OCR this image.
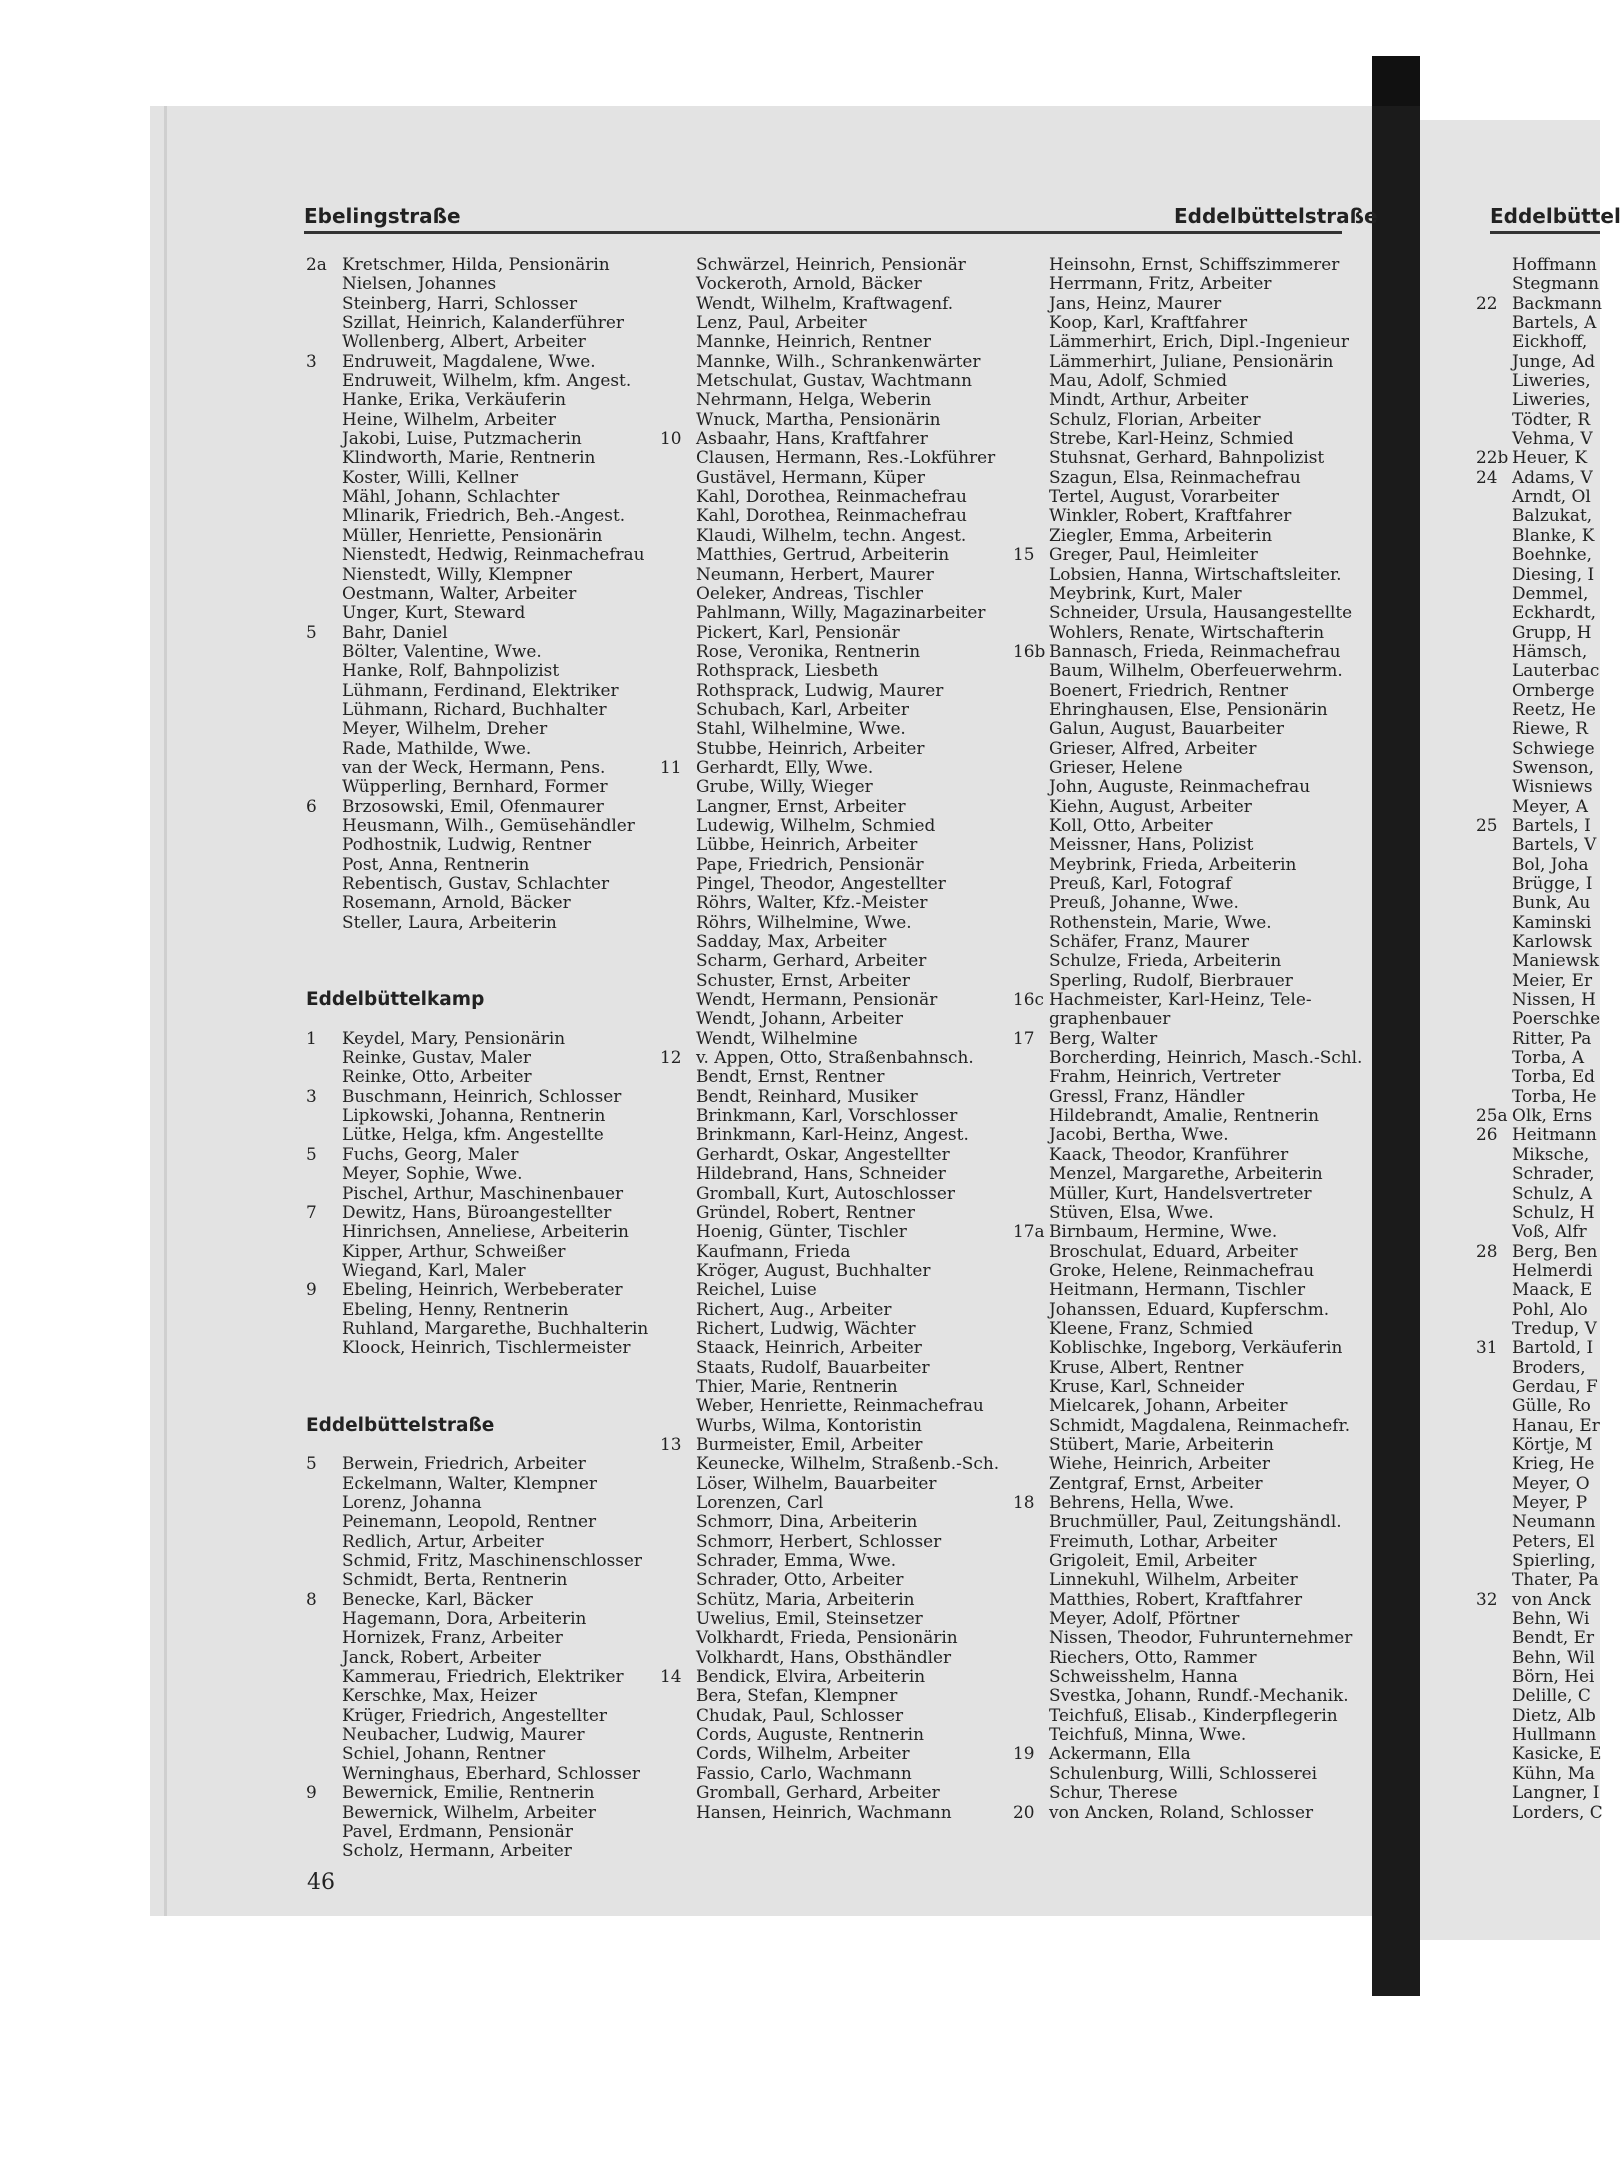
Ebelingstraße	Eddelbüttelstraße	Eddelbüttel
2a Kretschmer, Hilda, Pensionärin
Nielsen, Johannes
Steinberg, Harri, Schlosser
Szillat, Heinrich, Kalanderführer
Wollenberg, Albert, Arbeiter
3	Endruweit, Magdalene, Wwe.
Endruweit, Wilhelm, kfm. Angest.
Hanke, Erika, Verkäuferin
Heine, Wilhelm, Arbeiter
Jakobi, Luise, Putzmacherin
Klindworth, Marie, Rentnerin
Koster, Willi, Kellner
Mähl, Johann, Schlachter
Mlinarik, Friedrich, Beh.-Angest.
Müller, Henriette, Pensionärin
Nienstedt, Hedwig, Reinmachefrau
Nienstedt, Willy, Klempner
Oestmann, Walter, Arbeiter
Unger, Kurt, Steward
5	Bahr, Daniel
Bölter, Valentine, Wwe.
Hanke, Rolf, Bahnpolizist
Lühmann, Ferdinand, Elektriker
Lühmann, Richard, Buchhalter
Meyer, Wilhelm, Dreher
Rade, Mathilde, Wwe.
van der Weck, Hermann, Pens.
Wüpperling, Bernhard, Former
6	Brzosowski, Emil, Ofenmaurer
Heusmann, Wilh., Gemüsehändler
Podhostnik, Ludwig, Rentner
Post, Anna, Rentnerin
Rebentisch, Gustav, Schlachter
Rosemann, Arnold, Bäcker
Steller, Laura, Arbeiterin
Eddelbüttelkamp
1	Keydel, Mary, Pensionärin
Reinke, Gustav, Maler
Reinke, Otto, Arbeiter
3	Buschmann, Heinrich, Schlosser
Lipkowski, Johanna, Rentnerin
Lütke, Helga, kfm. Angestellte
5	Fuchs, Georg, Maler
Meyer, Sophie, Wwe.
Pischel, Arthur, Maschinenbauer
7	Dewitz, Hans, Büroangestellter
Hinrichsen, Anneliese, Arbeiterin
Kipper, Arthur, Schweißer
Wiegand, Karl, Maler
9	Ebeling, Heinrich, Werbeberater
Ebeling, Henny, Rentnerin
Ruhland, Margarethe, Buchhalterin
Kloock, Heinrich, Tischlermeister
Eddelbüttelstraße
5	Berwein, Friedrich, Arbeiter
Eckelmann, Walter, Klempner
Lorenz, Johanna
Peinemann, Leopold, Rentner
Redlich, Artur, Arbeiter
Schmid, Fritz, Maschinenschlosser
Schmidt, Berta, Rentnerin
8	Benecke, Karl, Bäcker
Hagemann, Dora, Arbeiterin
Hornizek, Franz, Arbeiter
Janck, Robert, Arbeiter
Kammerau, Friedrich, Elektriker
Kerschke, Max, Heizer
Krüger, Friedrich, Angestellter
Neubacher, Ludwig, Maurer
Schiel, Johann, Rentner
Werninghaus, Eberhard, Schlosser
9	Bewernick, Emilie, Rentnerin
Bewernick, Wilhelm, Arbeiter
Pavel, Erdmann, Pensionär
Scholz, Hermann, Arbeiter
Schwärzel, Heinrich, Pensionär
Vockeroth, Arnold, Bäcker
Wendt, Wilhelm, Kraftwagenf.
Lenz, Paul, Arbeiter
Mannke, Heinrich, Rentner
Mannke, Wilh., Schrankenwärter
Metschulat, Gustav, Wachtmann
Nehrmann, Helga, Weberin
Wnuck, Martha, Pensionärin
10 Asbaahr, Hans, Kraftfahrer
Clausen, Hermann, Res.-Lokführer
Gustävel, Hermann, Küper
Kahl, Dorothea, Reinmachefrau
Kahl, Dorothea, Reinmachefrau
Klaudi, Wilhelm, techn. Angest.
Matthies, Gertrud, Arbeiterin
Neumann, Herbert, Maurer
Oeleker, Andreas, Tischler
Pahlmann, Willy, Magazinarbeiter
Pickert, Karl, Pensionär
Rose, Veronika, Rentnerin
Rothsprack, Liesbeth
Rothsprack, Ludwig, Maurer
Schubach, Karl, Arbeiter
Stahl, Wilhelmine, Wwe.
Stubbe, Heinrich, Arbeiter
11 Gerhardt, Elly, Wwe.
Grube, Willy, Wieger
Langner, Ernst, Arbeiter
Ludewig, Wilhelm, Schmied
Lübbe, Heinrich, Arbeiter
Pape, Friedrich, Pensionär
Pingel, Theodor, Angestellter
Röhrs, Walter, Kfz.-Meister
Röhrs, Wilhelmine, Wwe.
Sadday, Max, Arbeiter
Scharm, Gerhard, Arbeiter
Schuster, Ernst, Arbeiter
Wendt, Hermann, Pensionär
Wendt, Johann, Arbeiter
Wendt, Wilhelmine
12 v. Appen, Otto, Straßenbahnsch.
Bendt, Ernst, Rentner
Bendt, Reinhard, Musiker
Brinkmann, Karl, Vorschlosser
Brinkmann, Karl-Heinz, Angest.
Gerhardt, Oskar, Angestellter
Hildebrand, Hans, Schneider
Gromball, Kurt, Autoschlosser
Gründel, Robert, Rentner
Hoenig, Günter, Tischler
Kaufmann, Frieda
Kröger, August, Buchhalter
Reichel, Luise
Richert, Aug., Arbeiter
Richert, Ludwig, Wächter
Staack, Heinrich, Arbeiter
Staats, Rudolf, Bauarbeiter
Thier, Marie, Rentnerin
Weber, Henriette, Reinmachefrau
Wurbs, Wilma, Kontoristin
13 Burmeister, Emil, Arbeiter
Keunecke, Wilhelm, Straßenb.-Sch.
Löser, Wilhelm, Bauarbeiter
Lorenzen, Carl
Schmorr, Dina, Arbeiterin
Schmorr, Herbert, Schlosser
Schrader, Emma, Wwe.
Schrader, Otto, Arbeiter
Schütz, Maria, Arbeiterin
Uwelius, Emil, Steinsetzer
Volkhardt, Frieda, Pensionärin
Volkhardt, Hans, Obsthändler
14 Bendick, Elvira, Arbeiterin
Bera, Stefan, Klempner
Chudak, Paul, Schlosser
Cords, Auguste, Rentnerin
Cords, Wilhelm, Arbeiter
Fassio, Carlo, Wachmann
Gromball, Gerhard, Arbeiter
Hansen, Heinrich, Wachmann
Heinsohn, Ernst, Schiffszimmerer
Herrmann, Fritz, Arbeiter
Jans, Heinz, Maurer
Koop, Karl, Kraftfahrer
Lämmerhirt, Erich, Dipl.-Ingenieur
Lämmerhirt, Juliane, Pensionärin
Mau, Adolf, Schmied
Mindt, Arthur, Arbeiter
Schulz, Florian, Arbeiter
Strebe, Karl-Heinz, Schmied
Stuhsnat, Gerhard, Bahnpolizist
Szagun, Elsa, Reinmachefrau
Tertel, August, Vorarbeiter
Winkler, Robert, Kraftfahrer
Ziegler, Emma, Arbeiterin
15 Greger, Paul, Heimleiter
Lobsien, Hanna, Wirtschaftsleiter.
Meybrink, Kurt, Maler
Schneider, Ursula, Hausangestellte
Wohlers, Renate, Wirtschafterin
16b Bannasch, Frieda, Reinmachefrau
Baum, Wilhelm, Oberfeuerwehrm.
Boenert, Friedrich, Rentner
Ehringhausen, Else, Pensionärin
Galun, August, Bauarbeiter
Grieser, Alfred, Arbeiter
Grieser, Helene
John, Auguste, Reinmachefrau
Kiehn, August, Arbeiter
Koll, Otto, Arbeiter
Meissner, Hans, Polizist
Meybrink, Frieda, Arbeiterin
Preuß, Karl, Fotograf
Preuß, Johanne, Wwe.
Rothenstein, Marie, Wwe.
Schäfer, Franz, Maurer
Schulze, Frieda, Arbeiterin
Sperling, Rudolf, Bierbrauer
16c Hachmeister, Karl-Heinz, Tele-
graphenbauer
17 Berg, Walter
Borcherding, Heinrich, Masch.-Schl.
Frahm, Heinrich, Vertreter
Gressl, Franz, Händler
Hildebrandt, Amalie, Rentnerin
Jacobi, Bertha, Wwe.
Kaack, Theodor, Kranführer
Menzel, Margarethe, Arbeiterin
Müller, Kurt, Handelsvertreter
Stüven, Elsa, Wwe.
17a Birnbaum, Hermine, Wwe.
Broschulat, Eduard, Arbeiter
Groke, Helene, Reinmachefrau
Heitmann, Hermann, Tischler
Johanssen, Eduard, Kupferschm.
Kleene, Franz, Schmied
Koblischke, Ingeborg, Verkäuferin
Kruse, Albert, Rentner
Kruse, Karl, Schneider
Mielcarek, Johann, Arbeiter
Schmidt, Magdalena, Reinmachefr.
Stübert, Marie, Arbeiterin
Wiehe, Heinrich, Arbeiter
Zentgraf, Ernst, Arbeiter
18 Behrens, Hella, Wwe.
Bruchmüller, Paul, Zeitungshändl.
Freimuth, Lothar, Arbeiter
Grigoleit, Emil, Arbeiter
Linnekuhl, Wilhelm, Arbeiter
Matthies, Robert, Kraftfahrer
Meyer, Adolf, Pförtner
Nissen, Theodor, Fuhrunternehmer
Riechers, Otto, Rammer
Schweisshelm, Hanna
Svestka, Johann, Rundf.-Mechanik.
Teichfuß, Elisab., Kinderpflegerin
Teichfuß, Minna, Wwe.
19 Ackermann, Ella
Schulenburg, Willi, Schlosserei
Schur, Therese
20 von Ancken, Roland, Schlosser
Hoffmann
Stegmann
22 Backmann
Bartels, A
Eickhoff,
Junge, Ad
Liweries,
Liweries,
Tödter, R
Vehma, V
22b Heuer, K
24 Adams, V
Arndt, Ol
Balzukat,
Blanke, K
Boehnke,
Diesing, I
Demmel,
Eckhardt,
Grupp, H
Hämsch,
Lauterbac
Ornberge
Reetz, He
Riewe, R
Schwiege
Swenson,
Wisniews
Meyer, A
25 Bartels, I
Bartels, V
Bol, Joha
Brügge, I
Bunk, Au
Kaminski
Karlowsk
Maniewsk
Meier, Er
Nissen, H
Poerschke
Ritter, Pa
Torba, A
Torba, Ed
Torba, He
25a Olk, Erns
26 Heitmann
Miksche,
Schrader,
Schulz, A
Schulz, H
Voß, Alfr
28 Berg, Ben
Helmerdi
Maack, E
Pohl, Alo
Tredup, V
31 Bartold, I
Broders,
Gerdau, F
Gülle, Ro
Hanau, Er
Körtje, M
Krieg, He
Meyer, O
Meyer, P
Neumann
Peters, El
Spierling,
Thater, Pa
32 von Anck
Behn, Wi
Bendt, Er
Behn, Wil
Börn, Hei
Delille, C
Dietz, Alb
Hullmann
Kasicke, E
Kühn, Ma
Langner, I
Lorders, C
46
